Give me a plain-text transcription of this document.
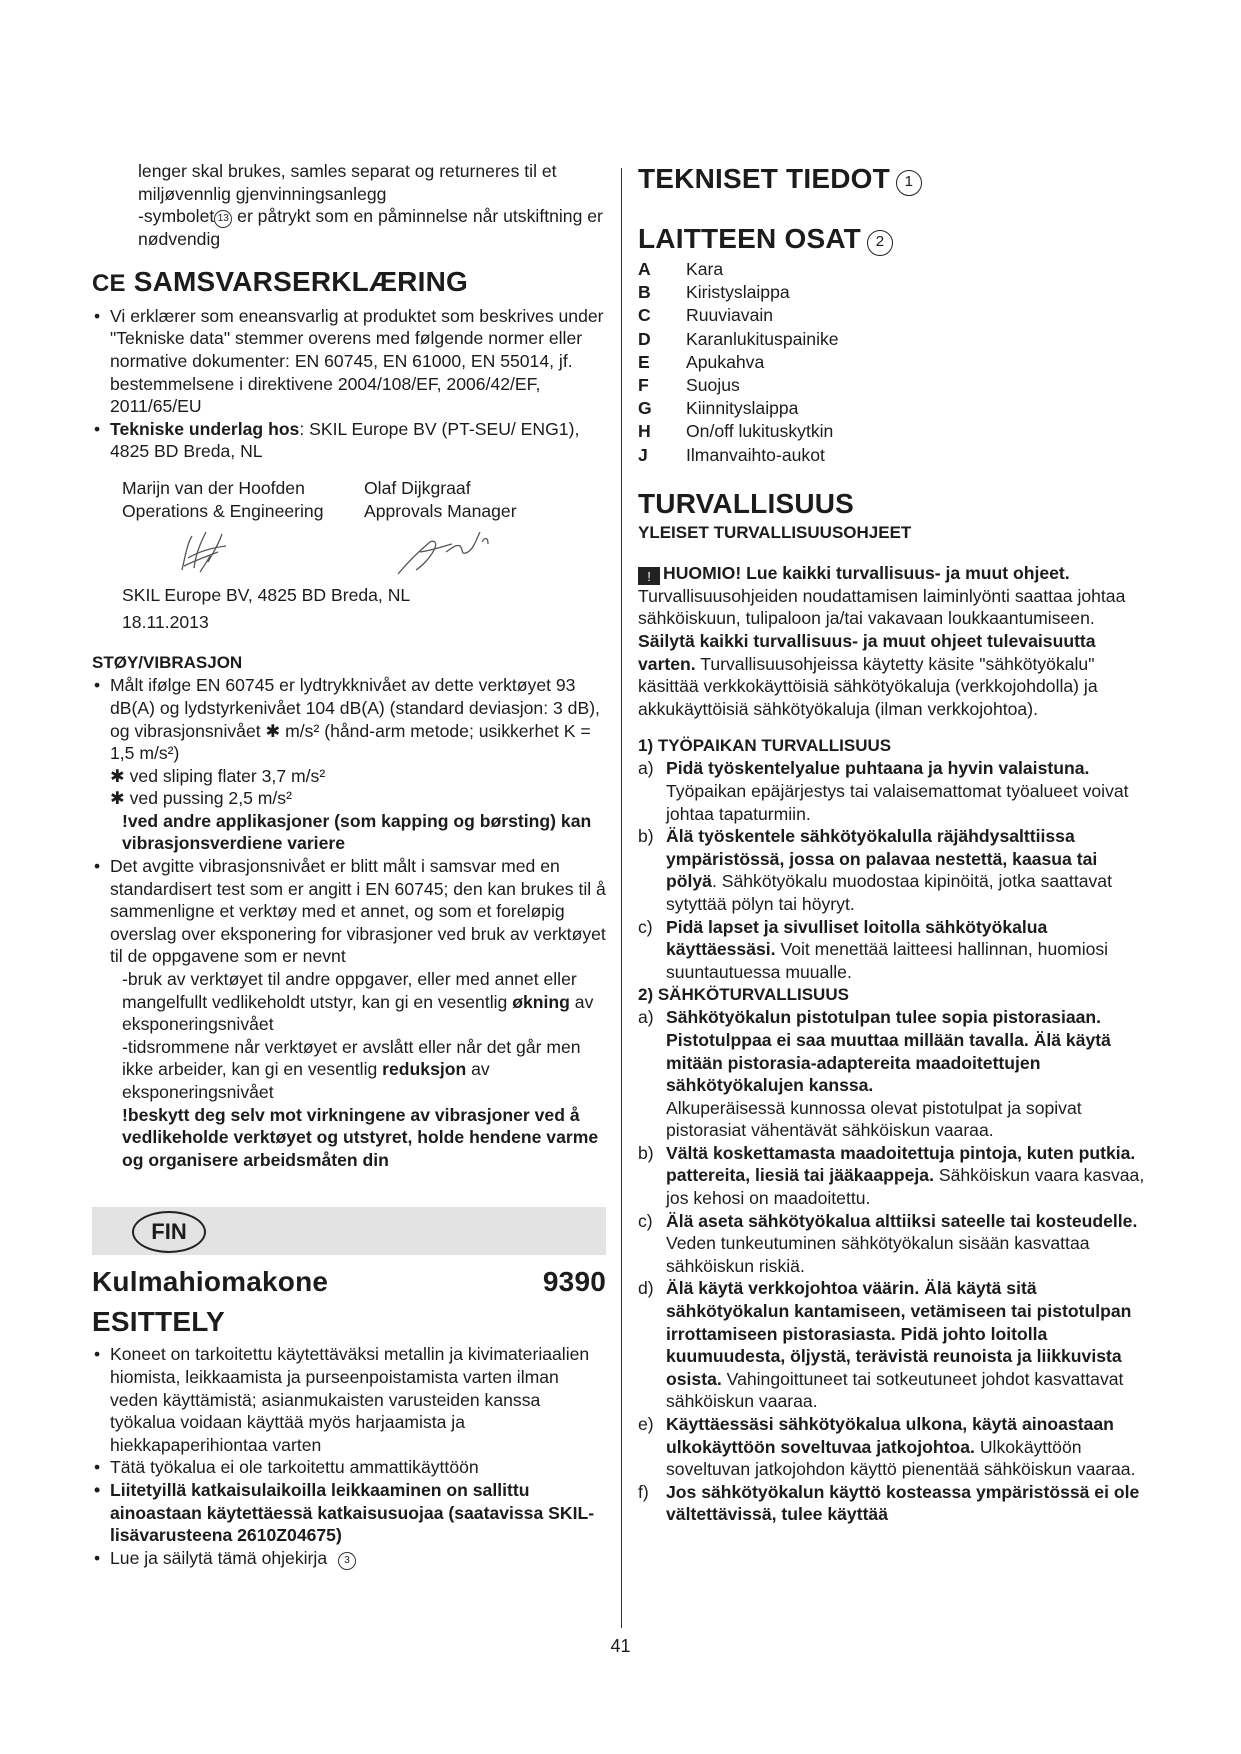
lenger skal brukes, samles separat og returneres til et miljøvennlig gjenvinningsanlegg

-symbolet 13 er påtrykt som en påminnelse når utskiftning er nødvendig

CE SAMSVARSERKLÆRING
• Vi erklærer som eneansvarlig at produktet som beskrives under "Tekniske data" stemmer overens med følgende normer eller normative dokumenter: EN 60745, EN 61000, EN 55014, jf. bestemmelsene i direktivene 2004/108/EF, 2006/42/EF, 2011/65/EU
• Tekniske underlag hos: SKIL Europe BV (PT-SEU/ ENG1), 4825 BD Breda, NL

Marijn van der Hoofden

Operations & Engineering

Olaf Dijkgraaf

Approvals Manager

SKIL Europe BV, 4825 BD Breda, NL

18.11.2013

STØY/VIBRASJON

• Målt ifølge EN 60745 er lydtrykknivået av dette verktøyet 93 dB(A) og lydstyrkenivået 104 dB(A) (standard deviasjon: 3 dB), og vibrasjonsnivået ✱ m/s² (hånd-arm metode; usikkerhet K = 1,5 m/s²)

✱ ved sliping flater 3,7 m/s²

✱ ved pussing 2,5 m/s²

!ved andre applikasjoner (som kapping og børsting) kan vibrasjonsverdiene variere

• Det avgitte vibrasjonsnivået er blitt målt i samsvar med en standardisert test som er angitt i EN 60745; den kan brukes til å sammenligne et verktøy med et annet, og som et foreløpig overslag over eksponering for vibrasjoner ved bruk av verktøyet til de oppgavene som er nevnt

-bruk av verktøyet til andre oppgaver, eller med annet eller mangelfullt vedlikeholdt utstyr, kan gi en vesentlig økning av eksponeringsnivået

-tidsrommene når verktøyet er avslått eller når det går men ikke arbeider, kan gi en vesentlig reduksjon av eksponeringsnivået

!beskytt deg selv mot virkningene av vibrasjoner ved å vedlikeholde verktøyet og utstyret, holde hendene varme og organisere arbeidsmåten din

FIN
Kulmahiomakone	9390
ESITTELY
• Koneet on tarkoitettu käytettäväksi metallin ja kivimateriaalien hiomista, leikkaamista ja purseenpoistamista varten ilman veden käyttämistä; asianmukaisten varusteiden kanssa työkalua voidaan käyttää myös harjaamista ja hiekkapaperihiontaa varten
• Tätä työkalua ei ole tarkoitettu ammattikäyttöön
• Liitetyillä katkaisulaikoilla leikkaaminen on sallittu ainoastaan käytettäessä katkaisusuojaa (saatavissa SKIL-lisävarusteena 2610Z04675)
• Lue ja säilytä tämä ohjekirja 3
TEKNISET TIEDOT 1
LAITTEEN OSAT 2
A	Kara
B	Kiristyslaippa
C	Ruuviavain
D	Karanlukituspainike
E	Apukahva
F	Suojus
G	Kiinnityslaippa
H	On/off lukituskytkin
J	Ilmanvaihto-aukot
TURVALLISUUS

YLEISET TURVALLISUUSOHJEET

! HUOMIO! Lue kaikki turvallisuus- ja muut ohjeet. Turvallisuusohjeiden noudattamisen laiminlyönti saattaa johtaa sähköiskuun, tulipaloon ja/tai vakavaan loukkaantumiseen. Säilytä kaikki turvallisuus- ja muut ohjeet tulevaisuutta varten. Turvallisuusohjeissa käytetty käsite "sähkötyökalu" käsittää verkkokäyttöisiä sähkötyökaluja (verkkojohdolla) ja akkukäyttöisiä sähkötyökaluja (ilman verkkojohtoa).

1) TYÖPAIKAN TURVALLISUUS

a) Pidä työskentelyalue puhtaana ja hyvin valaistuna.

Työpaikan epäjärjestys tai valaisemattomat työalueet voivat johtaa tapaturmiin.

b) Älä työskentele sähkötyökalulla räjähdysalttiissa ympäristössä, jossa on palavaa nestettä, kaasua tai pölyä. Sähkötyökalu muodostaa kipinöitä, jotka saattavat sytyttää pölyn tai höyryt.
c) Pidä lapset ja sivulliset loitolla sähkötyökalua käyttäessäsi. Voit menettää laitteesi hallinnan, huomiosi suuntautuessa muualle.

2) SÄHKÖTURVALLISUUS

a) Sähkötyökalun pistotulpan tulee sopia pistorasiaan. Pistotulppaa ei saa muuttaa millään tavalla. Älä käytä mitään pistorasia-adaptereita maadoitettujen sähkötyökalujen kanssa.

Alkuperäisessä kunnossa olevat pistotulpat ja sopivat pistorasiat vähentävät sähköiskun vaaraa.

b) Vältä koskettamasta maadoitettuja pintoja, kuten putkia. pattereita, liesiä tai jääkaappeja. Sähköiskun vaara kasvaa, jos kehosi on maadoitettu.
c) Älä aseta sähkötyökalua alttiiksi sateelle tai kosteudelle. Veden tunkeutuminen sähkötyökalun sisään kasvattaa sähköiskun riskiä.
d) Älä käytä verkkojohtoa väärin. Älä käytä sitä sähkötyökalun kantamiseen, vetämiseen tai pistotulpan irrottamiseen pistorasiasta. Pidä johto loitolla kuumuudesta, öljystä, terävistä reunoista ja liikkuvista osista. Vahingoittuneet tai sotkeutuneet johdot kasvattavat sähköiskun vaaraa.
e) Käyttäessäsi sähkötyökalua ulkona, käytä ainoastaan ulkokäyttöön soveltuvaa jatkojohtoa. Ulkokäyttöön soveltuvan jatkojohdon käyttö pienentää sähköiskun vaaraa.
f) Jos sähkötyökalun käyttö kosteassa ympäristössä ei ole vältettävissä, tulee käyttää
41
